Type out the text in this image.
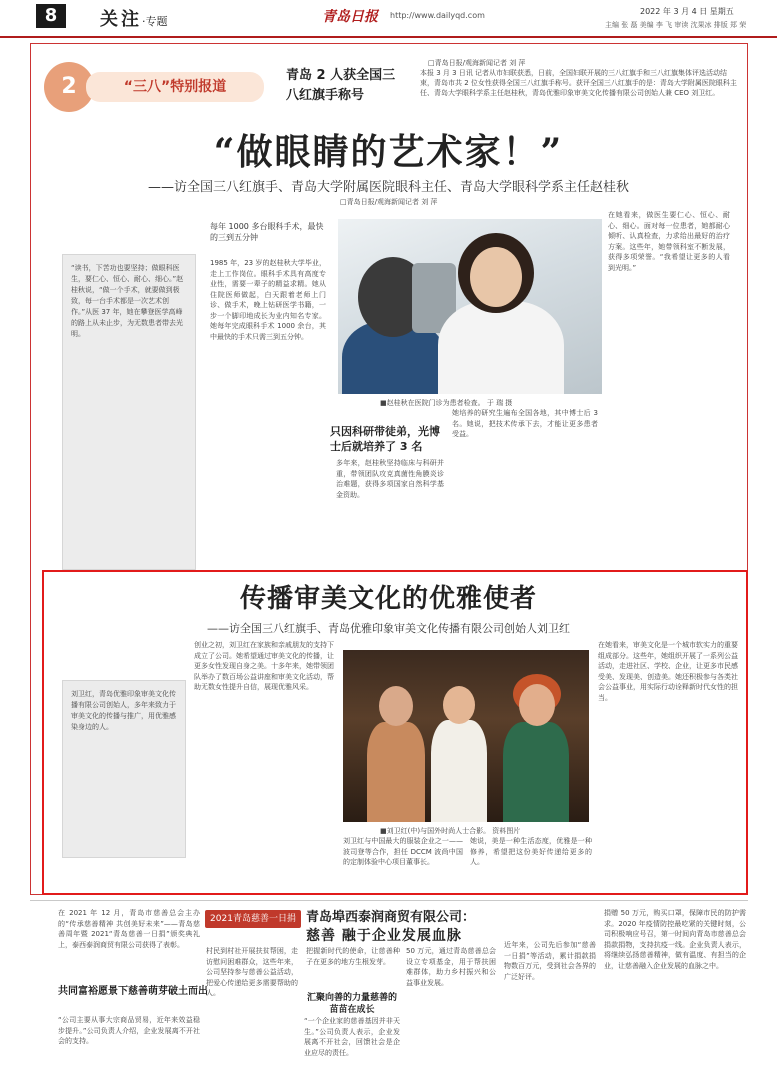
8	关注·专题	青岛日报 http://www.dailyqd.com	2022 年 3 月 4 日 星期五
主编 张 磊 美编 李 飞 审读 沈果冰 排版 郑 荣
2	“三八”特别报道
青岛 2 人获全国三八红旗手称号
□青岛日报/观海新闻记者 刘 萍
本报 3 月 3 日讯 记者从市妇联获悉，日前，全国妇联开展的三八红旗手和三八红旗集体评选活动结束，青岛市共 2 位女性获得全国三八红旗手称号。获评全国三八红旗手的是：青岛大学附属医院眼科主任、青岛大学眼科学系主任赵桂秋，青岛优雅印象审美文化传播有限公司创始人兼 CEO 刘卫红。
“做眼睛的艺术家！”
——访全国三八红旗手、青岛大学附属医院眼科主任、青岛大学眼科学系主任赵桂秋
□青岛日报/观海新闻记者 刘 萍
每年 1000 多台眼科手术，最快的三到五分钟
“读书，下苦功也要坚持；做眼科医生，要仁心、恒心、耐心、细心。”赵桂秋说，“做一个手术，就要做到极致，每一台手术都是一次艺术创作。”从医 37 年，她在攀登医学高峰的路上从未止步，为无数患者带去光明。
1985 年，23 岁的赵桂秋大学毕业，走上工作岗位。眼科手术具有高度专业性，需要一辈子的精益求精。她从住院医师做起，白天跟着老师上门诊、做手术，晚上钻研医学书籍，一步一个脚印地成长为业内知名专家。她每年完成眼科手术 1000 余台，其中最快的手术只需三到五分钟。
■赵桂秋在医院门诊为患者检查。 于 瑞 摄
只因科研带徒弟，光博士后就培养了 3 名
多年来，赵桂秋坚持临床与科研并重，带领团队攻克真菌性角膜炎诊治难题，获得多项国家自然科学基金资助。
她培养的研究生遍布全国各地，其中博士后 3 名。她说，把技术传承下去，才能让更多患者受益。
在她看来，做医生要仁心、恒心、耐心、细心。面对每一位患者，她都耐心倾听、认真检查，力求给出最好的治疗方案。这些年，她带领科室不断发展，获得多项荣誉。“我希望让更多的人看到光明。”
传播审美文化的优雅使者
——访全国三八红旗手、青岛优雅印象审美文化传播有限公司创始人刘卫红
刘卫红，青岛优雅印象审美文化传播有限公司创始人，多年来致力于审美文化的传播与推广，用优雅感染身边的人。
创业之初，刘卫红在家族和亲戚朋友的支持下成立了公司。她希望通过审美文化的传播，让更多女性发现自身之美。十多年来，她带领团队举办了数百场公益讲座和审美文化活动，帮助无数女性提升自信，展现优雅风采。
■刘卫红(中)与国外时尚人士合影。 资料图片
刘卫红与中国最大的服装企业之一——波司登等合作，担任 DCCM 波尚中国的定制体验中心项目董事长。
她说，美是一种生活态度，优雅是一种修养，希望把这份美好传递给更多的人。
在她看来，审美文化是一个城市软实力的重要组成部分。这些年，她组织开展了一系列公益活动，走进社区、学校、企业，让更多市民感受美、发现美、创造美。她还积极参与各类社会公益事业，用实际行动诠释新时代女性的担当。
在 2021 年 12 月，青岛市慈善总会主办的“传承慈善精神 共创美好未来”——青岛慈善周年暨 2021“青岛慈善一日捐”颁奖典礼上，泰西泰润商贸有限公司获得了表彰。
共同富裕愿景下慈善萌芽破土而出
“公司主要从事大宗商品贸易，近年来效益稳步提升。”公司负责人介绍，企业发展离不开社会的支持。
2021青岛慈善一日捐 青岛埠西泰润商贸有限公司：
慈善 融于企业发展血脉
村民到村社开展扶贫帮困，走访慰问困难群众，这些年来，公司坚持参与慈善公益活动，把爱心传递给更多需要帮助的人。
把握新时代的使命，让慈善种子在更多的地方生根发芽。
汇聚向善的力量慈善的苗苗在成长
“一个企业家的慈善基因并非天生。”公司负责人表示，企业发展离不开社会，回馈社会是企业应尽的责任。
50 万元，通过青岛慈善总会设立专项基金，用于帮扶困难群体，助力乡村振兴和公益事业发展。
近年来，公司先后参加“慈善一日捐”等活动，累计捐款捐物数百万元，受到社会各界的广泛好评。
捐赠 50 万元，购买口罩，保障市民的防护需求。2020 年疫情防控最吃紧的关键时刻，公司积极响应号召，第一时间向青岛市慈善总会捐款捐物，支持抗疫一线。企业负责人表示，将继续弘扬慈善精神，做有温度、有担当的企业，让慈善融入企业发展的血脉之中。
